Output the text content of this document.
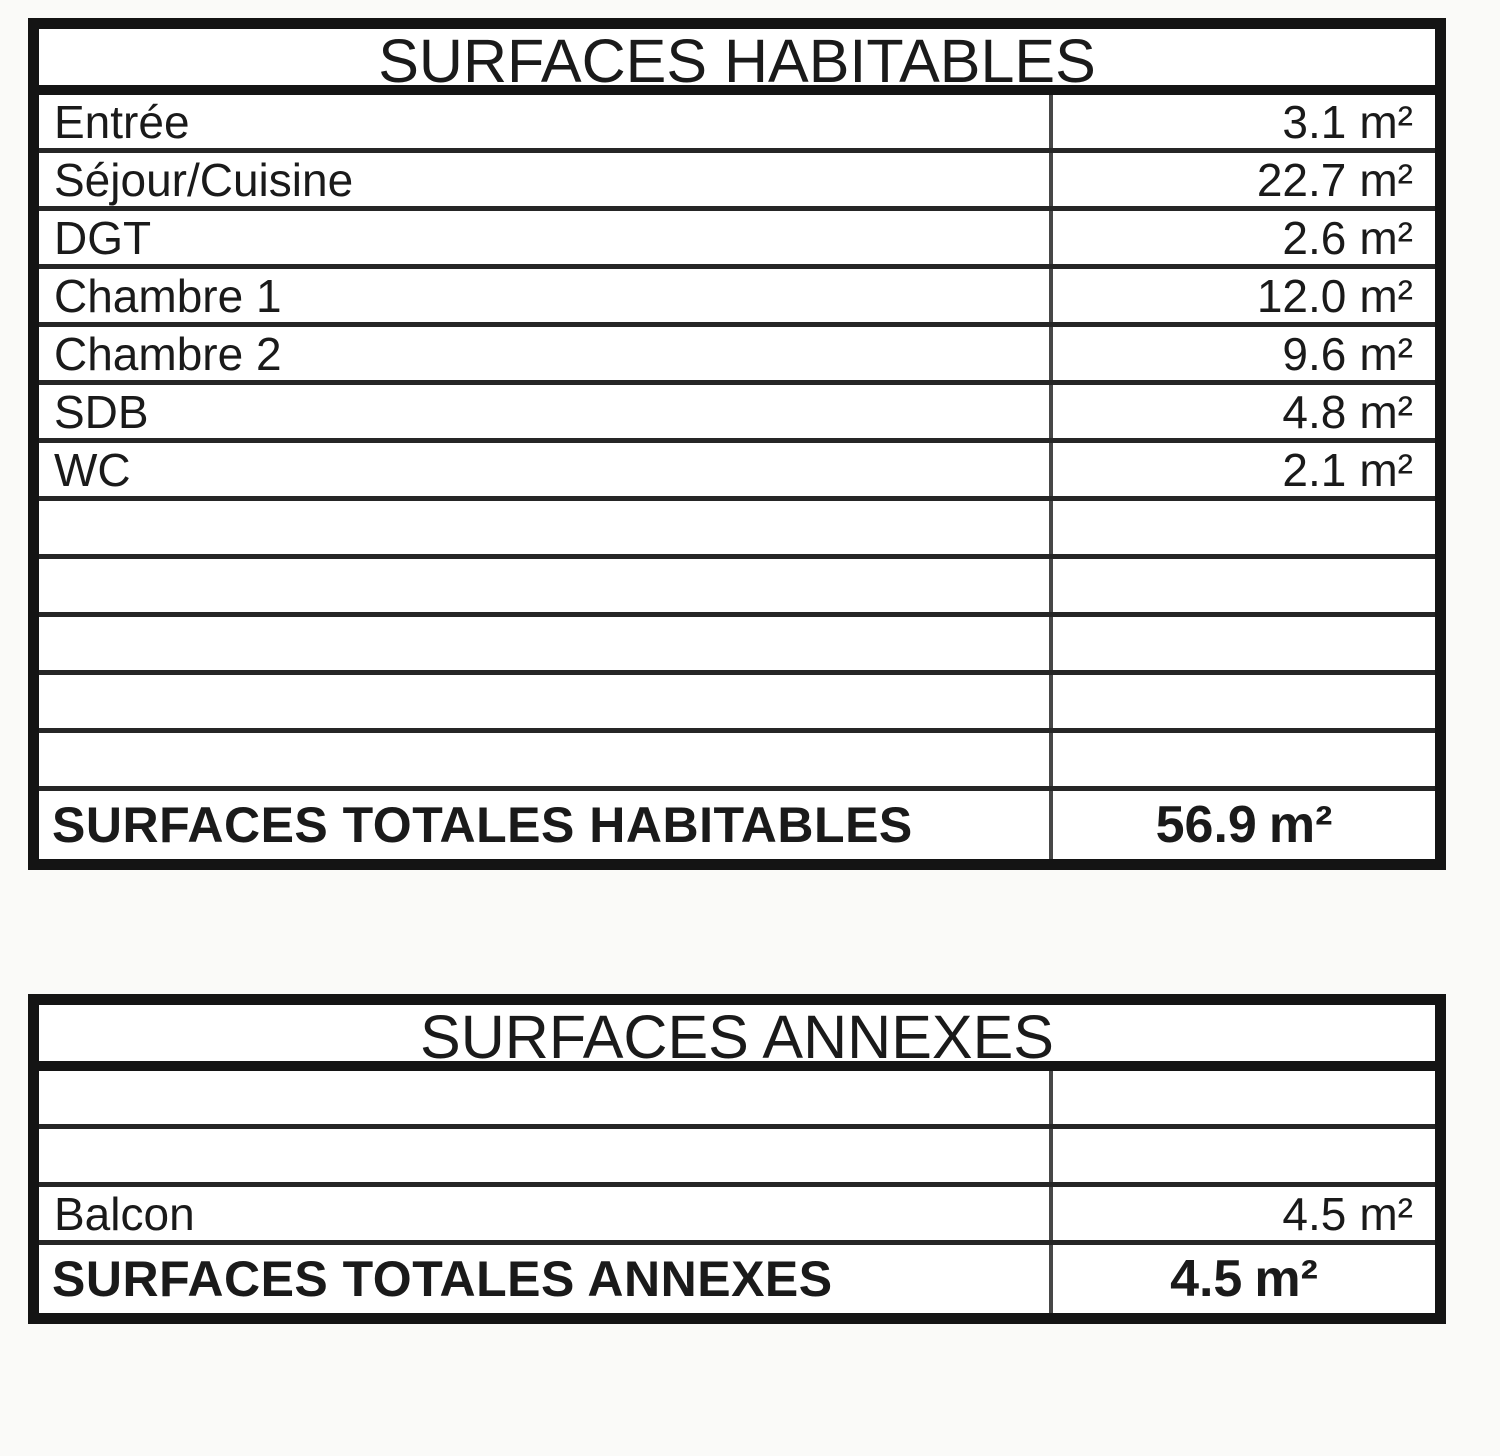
SURFACES HABITABLES
Entrée	3.1 m²
Séjour/Cuisine	22.7 m²
DGT	2.6 m²
Chambre 1	12.0 m²
Chambre 2	9.6 m²
SDB	4.8 m²
WC	2.1 m²
SURFACES TOTALES HABITABLES	56.9 m²
SURFACES ANNEXES
Balcon	4.5 m²
SURFACES TOTALES ANNEXES	4.5 m²
